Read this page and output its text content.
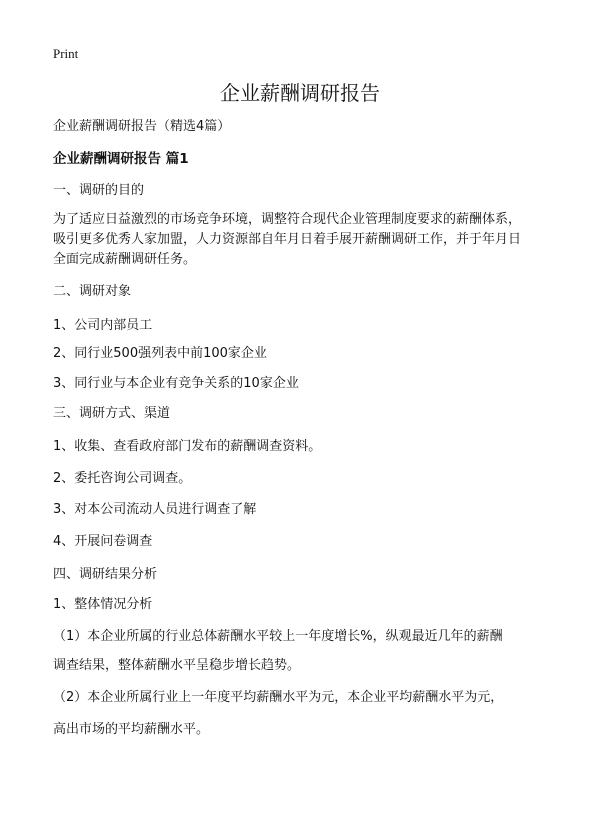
Print
企业薪酬调研报告
企业薪酬调研报告（精选4篇）
企业薪酬调研报告 篇1
一、调研的目的
为了适应日益激烈的市场竞争环境，调整符合现代企业管理制度要求的薪酬体系，
吸引更多优秀人家加盟，人力资源部自年月日着手展开薪酬调研工作，并于年月日
全面完成薪酬调研任务。
二、调研对象
1、公司内部员工
2、同行业500强列表中前100家企业
3、同行业与本企业有竞争关系的10家企业
三、调研方式、渠道
1、收集、查看政府部门发布的薪酬调查资料。
2、委托咨询公司调查。
3、对本公司流动人员进行调查了解
4、开展问卷调查
四、调研结果分析
1、整体情况分析
（1）本企业所属的行业总体薪酬水平较上一年度增长%，纵观最近几年的薪酬
调查结果，整体薪酬水平呈稳步增长趋势。
（2）本企业所属行业上一年度平均薪酬水平为元，本企业平均薪酬水平为元，
高出市场的平均薪酬水平。
